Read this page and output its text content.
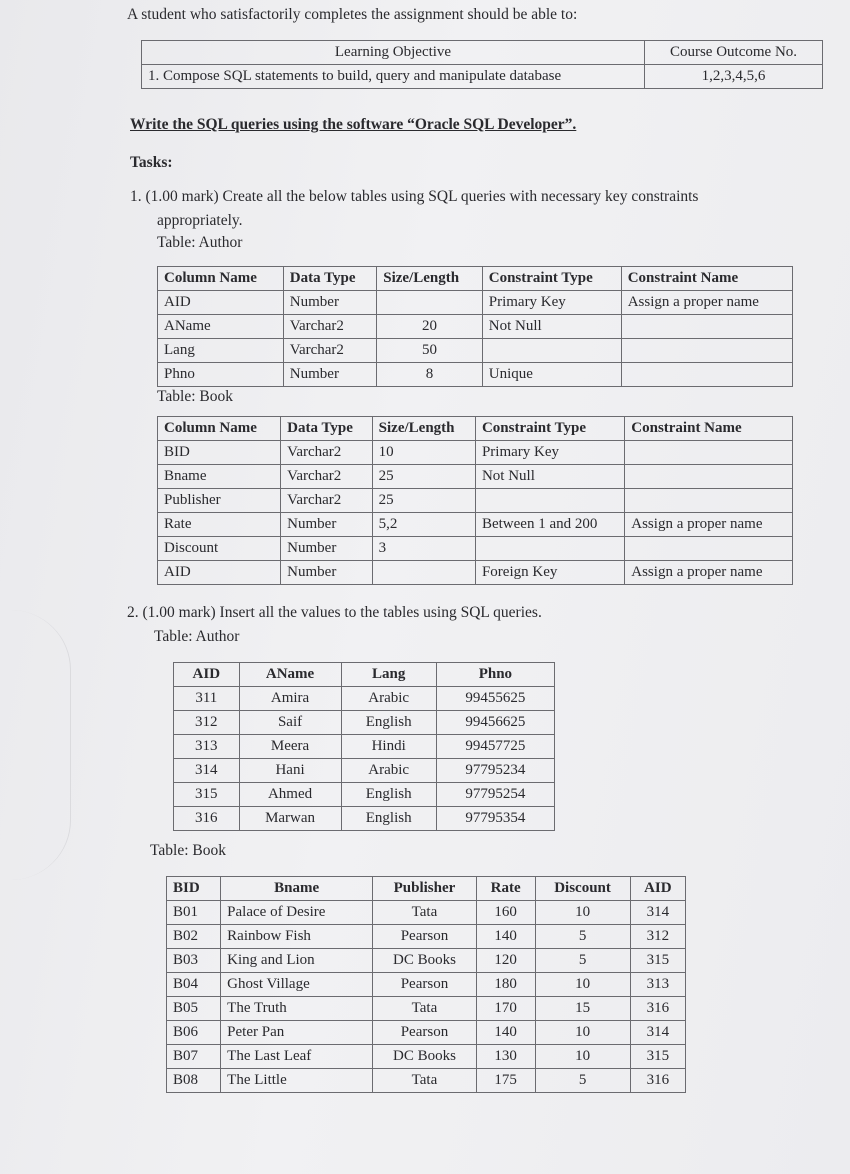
A student who satisfactorily completes the assignment should be able to:
Learning Objective	Course Outcome No.
1. Compose SQL statements to build, query and manipulate database	1,2,3,4,5,6
Write the SQL queries using the software “Oracle SQL Developer”.
Tasks:
1. (1.00 mark) Create all the below tables using SQL queries with necessary key constraints
appropriately.
Table: Author
Column Name	Data Type	Size/Length	Constraint Type	Constraint Name
AID	Number		Primary Key	Assign a proper name
AName	Varchar2	20	Not Null	
Lang	Varchar2	50		
Phno	Number	8	Unique	
Table: Book
Column Name	Data Type	Size/Length	Constraint Type	Constraint Name
BID	Varchar2	10	Primary Key	
Bname	Varchar2	25	Not Null	
Publisher	Varchar2	25		
Rate	Number	5,2	Between 1 and 200	Assign a proper name
Discount	Number	3		
AID	Number		Foreign Key	Assign a proper name
2. (1.00 mark) Insert all the values to the tables using SQL queries.
Table: Author
AID	AName	Lang	Phno
311	Amira	Arabic	99455625
312	Saif	English	99456625
313	Meera	Hindi	99457725
314	Hani	Arabic	97795234
315	Ahmed	English	97795254
316	Marwan	English	97795354
Table: Book
BID	Bname	Publisher	Rate	Discount	AID
B01	Palace of Desire	Tata	160	10	314
B02	Rainbow Fish	Pearson	140	5	312
B03	King and Lion	DC Books	120	5	315
B04	Ghost Village	Pearson	180	10	313
B05	The Truth	Tata	170	15	316
B06	Peter Pan	Pearson	140	10	314
B07	The Last Leaf	DC Books	130	10	315
B08	The Little	Tata	175	5	316
